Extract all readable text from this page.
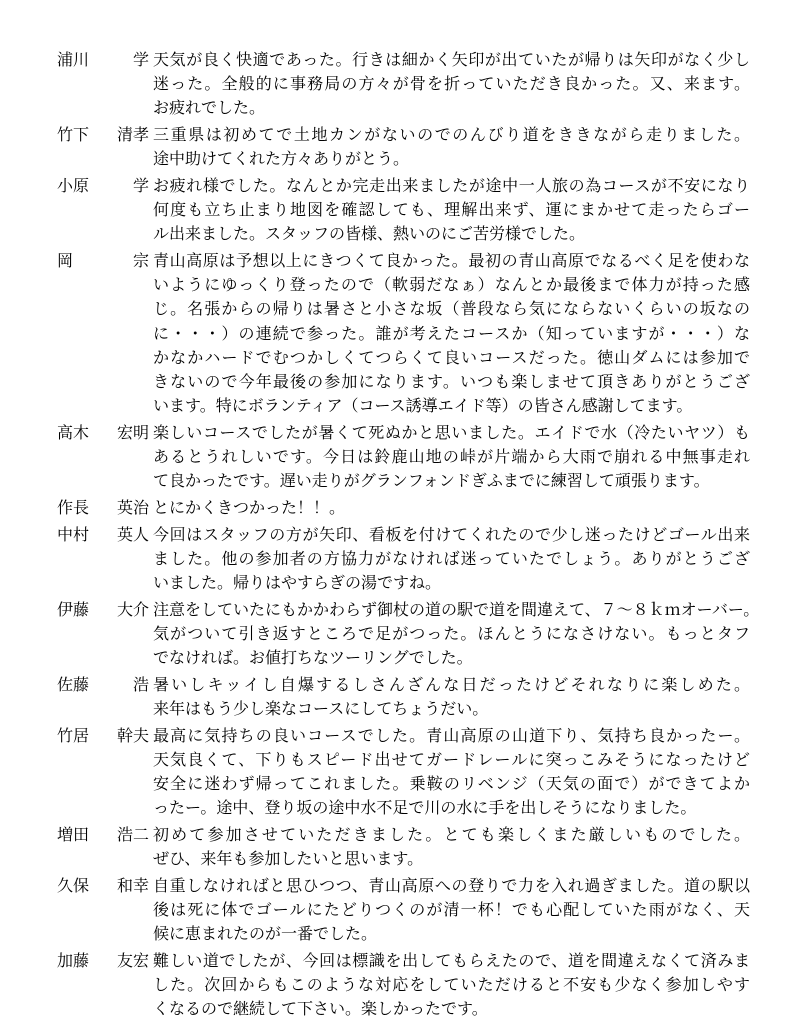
浦川	学 天気が良く快適であった。行きは細かく矢印が出ていたが帰りは矢印がなく少し
迷った。全般的に事務局の方々が骨を折っていただき良かった。又、来ます。
お疲れでした。
竹下 清孝 三重県は初めてで土地カンがないのでのんびり道をききながら走りました。
途中助けてくれた方々ありがとう。
小原	学 お疲れ様でした。なんとか完走出来ましたが途中一人旅の為コースが不安になり
何度も立ち止まり地図を確認しても、理解出来ず、運にまかせて走ったらゴー
ル出来ました。スタッフの皆様、熱いのにご苦労様でした。
岡	宗 青山高原は予想以上にきつくて良かった。最初の青山高原でなるべく足を使わな
いようにゆっくり登ったので（軟弱だなぁ）なんとか最後まで体力が持った感
じ。名張からの帰りは暑さと小さな坂（普段なら気にならないくらいの坂なの
に・・・）の連続で参った。誰が考えたコースか（知っていますが・・・）な
かなかハードでむつかしくてつらくて良いコースだった。徳山ダムには参加で
きないので今年最後の参加になります。いつも楽しませて頂きありがとうござ
います。特にボランティア（コース誘導エイド等）の皆さん感謝してます。
高木 宏明 楽しいコースでしたが暑くて死ぬかと思いました。エイドで水（冷たいヤツ）も
あるとうれしいです。今日は鈴鹿山地の峠が片端から大雨で崩れる中無事走れ
て良かったです。遅い走りがグランフォンドぎふまでに練習して頑張ります。
作長 英治 とにかくきつかった！！。
中村 英人 今回はスタッフの方が矢印、看板を付けてくれたので少し迷ったけどゴール出来
ました。他の参加者の方協力がなければ迷っていたでしょう。ありがとうござ
いました。帰りはやすらぎの湯ですね。
伊藤 大介 注意をしていたにもかかわらず御杖の道の駅で道を間違えて、７～８ｋｍオーバー。
気がついて引き返すところで足がつった。ほんとうになさけない。もっとタフ
でなければ。お値打ちなツーリングでした。
佐藤	浩 暑いしキッイし自爆するしさんざんな日だったけどそれなりに楽しめた。
来年はもう少し楽なコースにしてちょうだい。
竹居 幹夫 最高に気持ちの良いコースでした。青山高原の山道下り、気持ち良かったー。
天気良くて、下りもスピード出せてガードレールに突っこみそうになったけど
安全に迷わず帰ってこれました。乗鞍のリベンジ（天気の面で）ができてよか
ったー。途中、登り坂の途中水不足で川の水に手を出しそうになりました。
増田 浩二 初めて参加させていただきました。とても楽しくまた厳しいものでした。
ぜひ、来年も参加したいと思います。
久保 和幸 自重しなければと思ひつつ、青山高原への登りで力を入れ過ぎました。道の駅以
後は死に体でゴールにたどりつくのが清一杯！でも心配していた雨がなく、天
候に恵まれたのが一番でした。
加藤 友宏 難しい道でしたが、今回は標識を出してもらえたので、道を間違えなくて済みま
した。次回からもこのような対応をしていただけると不安も少なく参加しやす
くなるので継続して下さい。楽しかったです。
